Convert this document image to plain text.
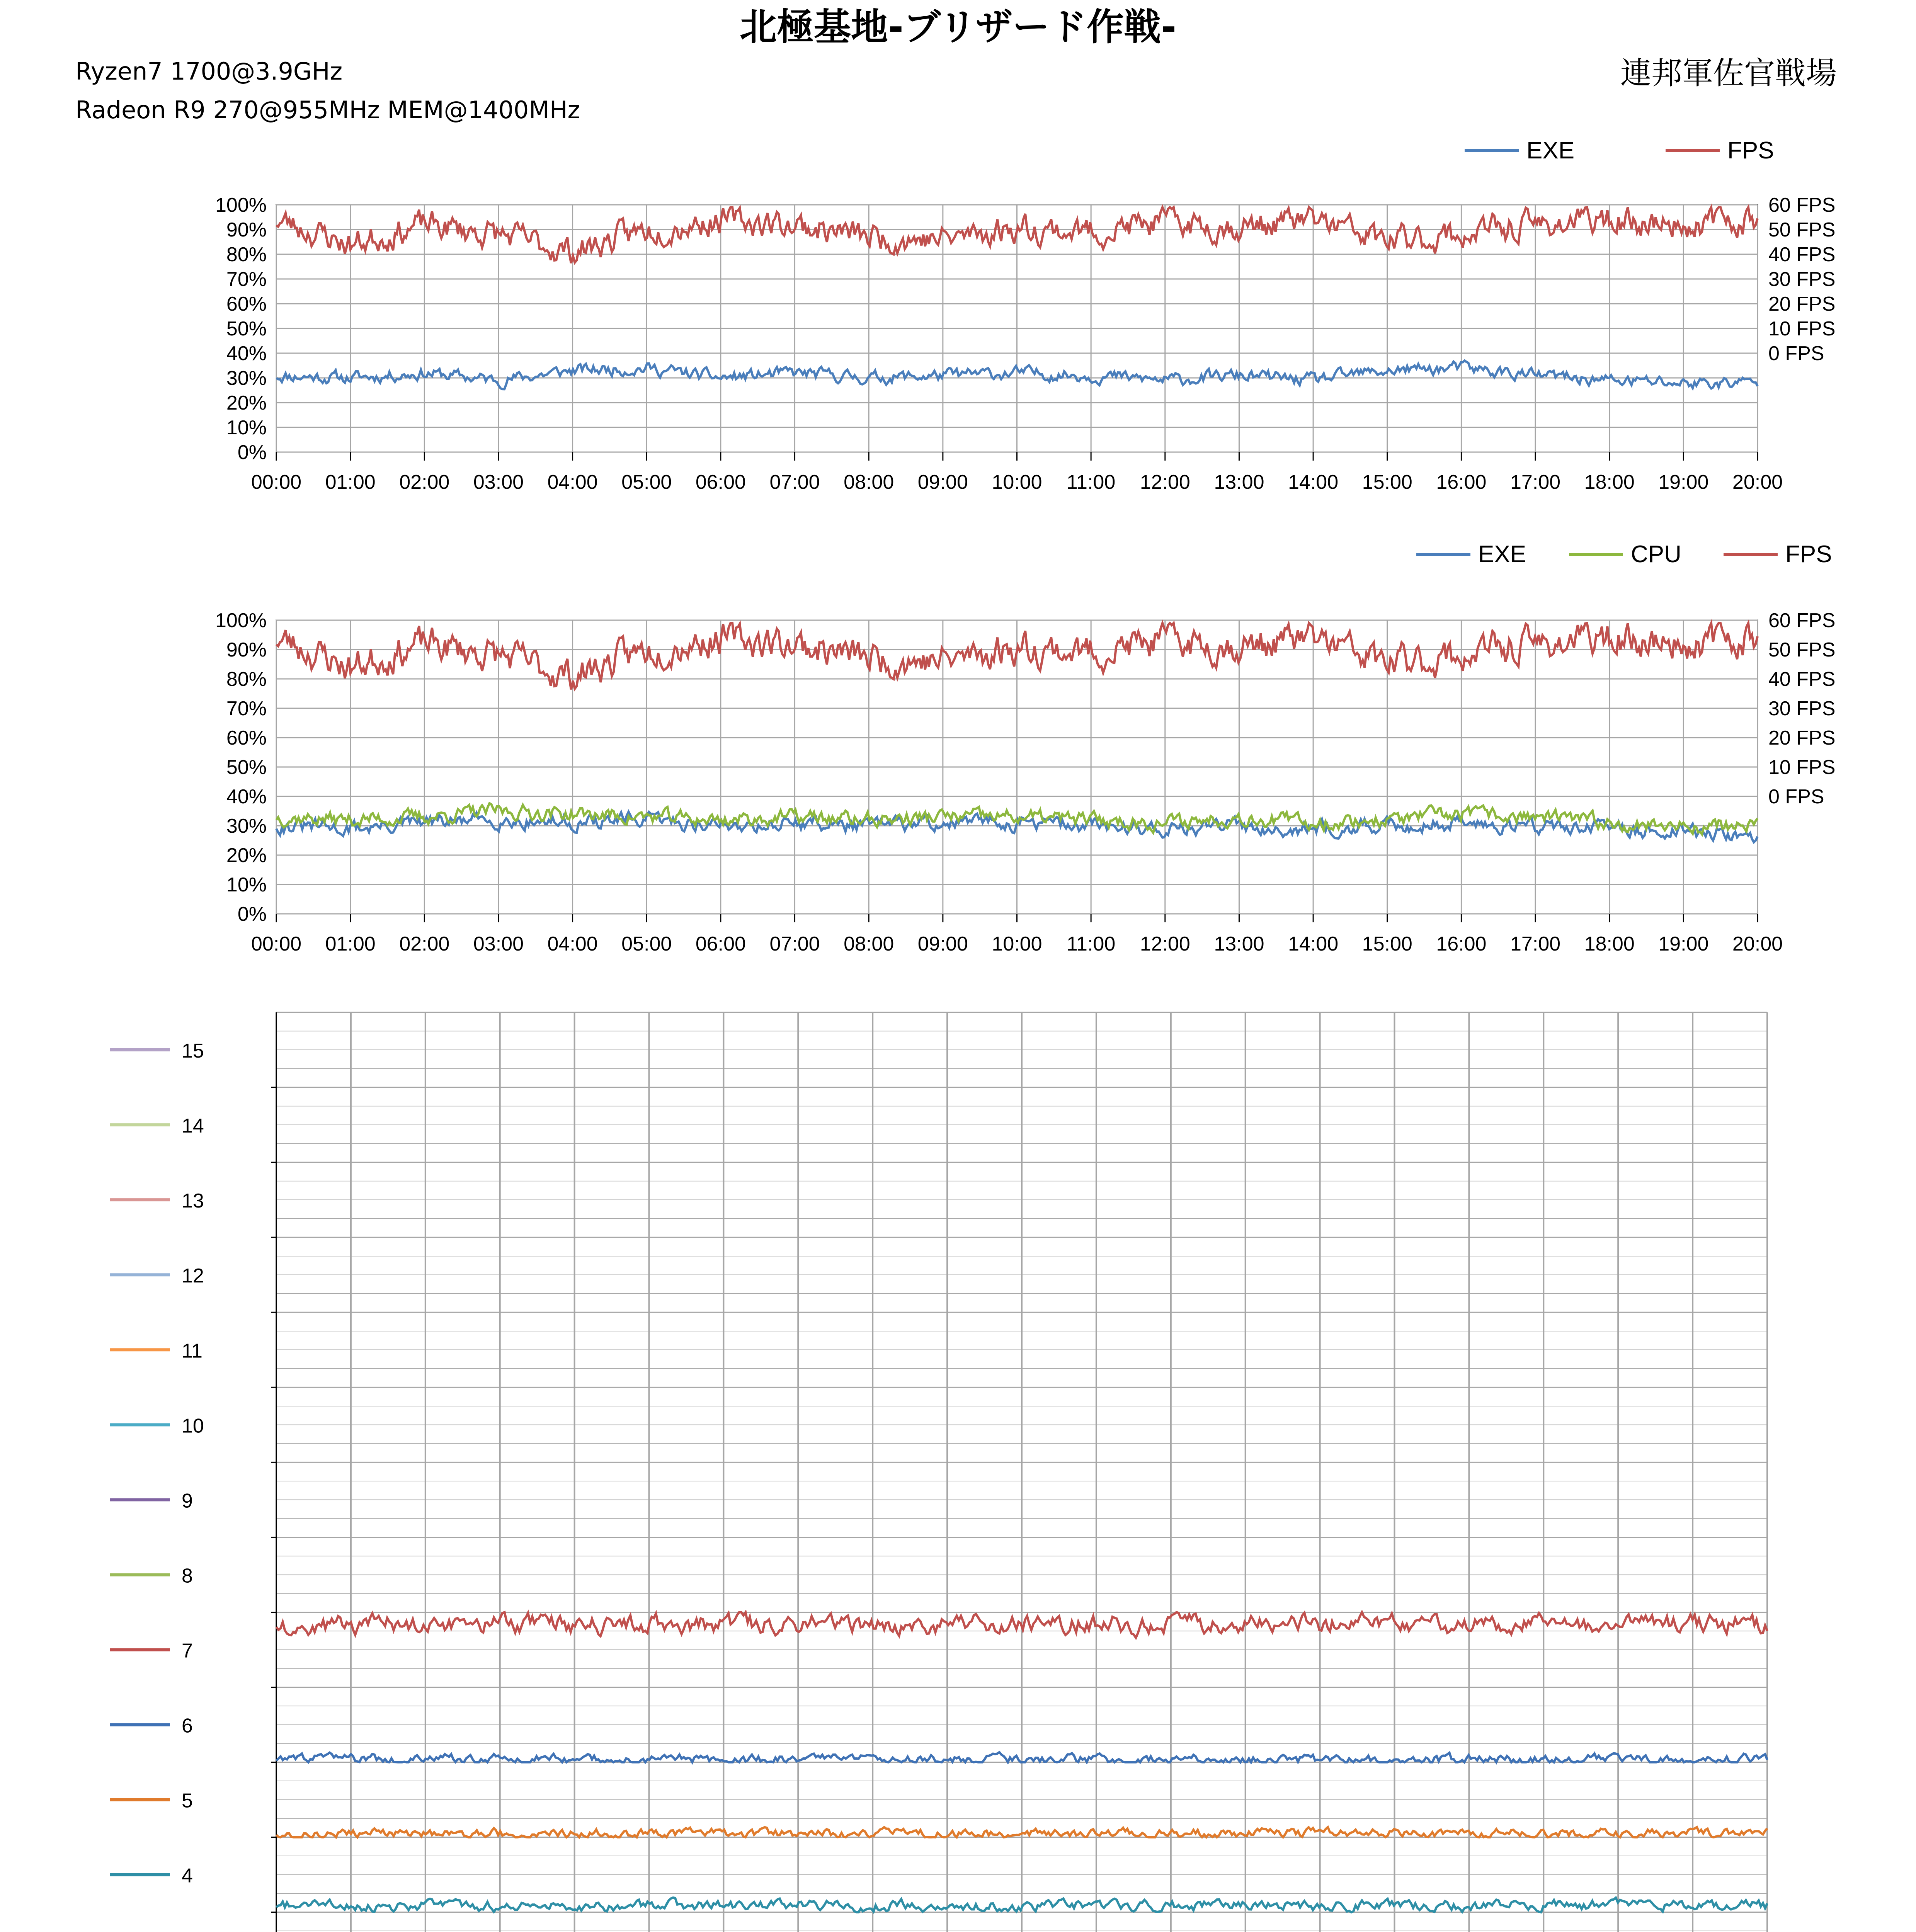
北極基地-ブリザード作戦-
Ryzen7 1700@3.9GHz
Radeon R9 270@955MHz MEM@1400MHz
連邦軍佐官戦場
EXE	FPS
0%
10%
20%
30%
40%
50%
60%
70%
80%
90%
100%
00:00 01:00 02:00 03:00 04:00 05:00 06:00 07:00 08:00 09:00 10:00 11:00 12:00 13:00 14:00 15:00 16:00 17:00 18:00 19:00 20:00
0 FPS
10 FPS
20 FPS
30 FPS
40 FPS
50 FPS
60 FPS
EXE	CPU	FPS
0%
10%
20%
30%
40%
50%
60%
70%
80%
90%
100%
00:00 01:00 02:00 03:00 04:00 05:00 06:00 07:00 08:00 09:00 10:00 11:00 12:00 13:00 14:00 15:00 16:00 17:00 18:00 19:00 20:00
0 FPS
10 FPS
20 FPS
30 FPS
40 FPS
50 FPS
60 FPS
15
14
13
12
11
10
9
8
7
6
5
4
